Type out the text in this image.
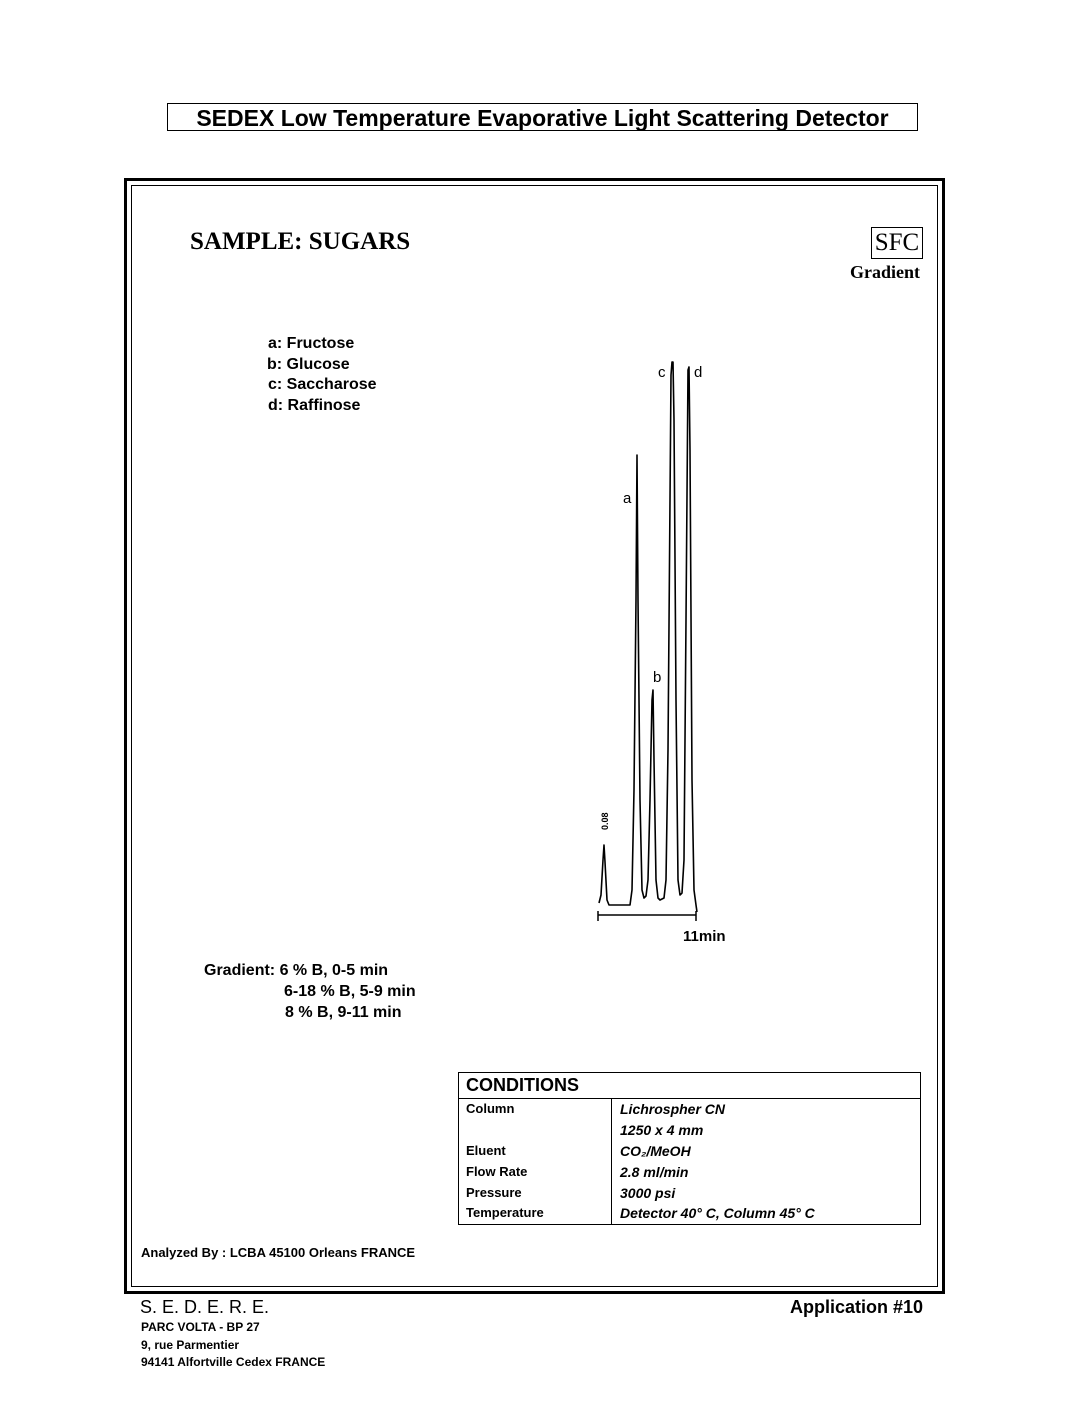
SEDEX Low Temperature Evaporative Light Scattering Detector
SAMPLE: SUGARS	SFC
Gradient
a: Fructose
b: Glucose
c: Saccharose
d: Raffinose
a
b
c d
0.08
11min
Gradient: 6 % B, 0-5 min
6-18 % B, 5-9 min
8 % B, 9-11 min
CONDITIONS
Column	Lichrospher CN
1250 x 4 mm
Eluent	CO₂/MeOH
Flow Rate	2.8 ml/min
Pressure	3000 psi
Temperature	Detector 40° C, Column 45° C
Analyzed By : LCBA 45100 Orleans FRANCE
S. E. D. E. R. E.	Application #10
PARC VOLTA - BP 27
9, rue Parmentier
94141 Alfortville Cedex FRANCE
